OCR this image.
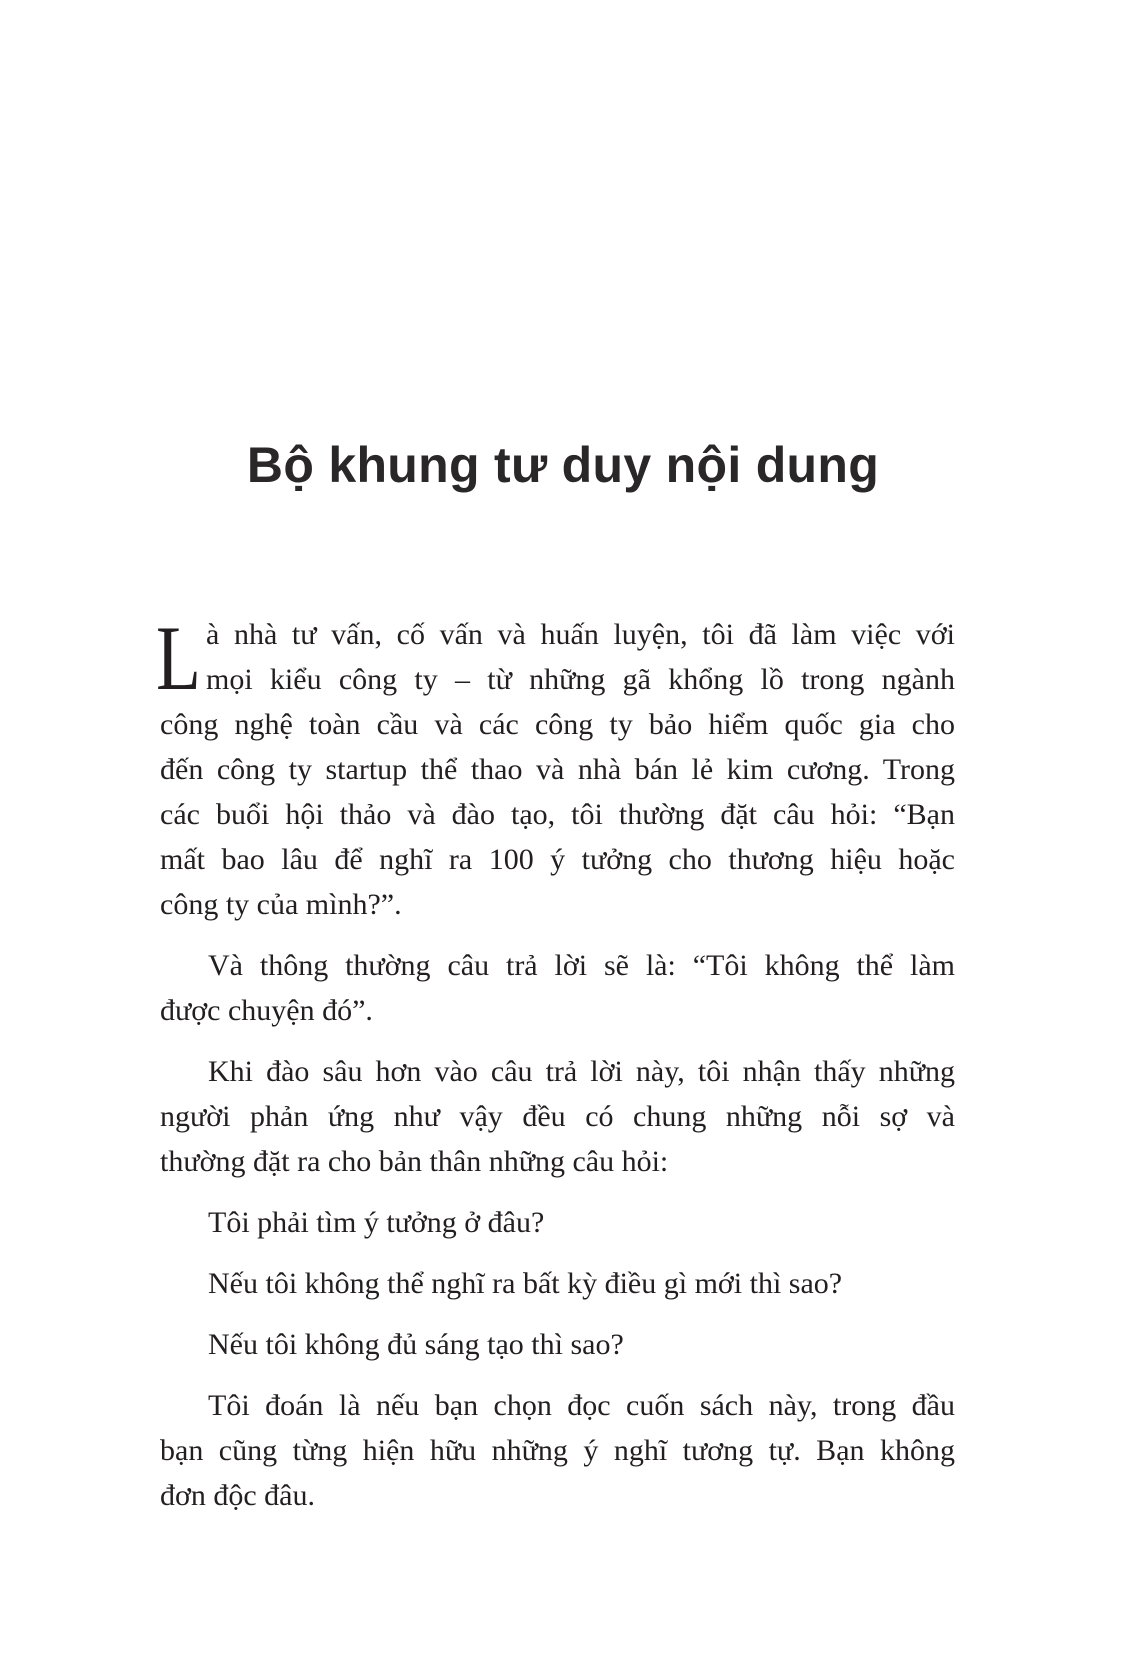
Bộ khung tư duy nội dung
L à nhà tư vấn, cố vấn và huấn luyện, tôi đã làm việc với
mọi kiểu công ty – từ những gã khổng lồ trong ngành
công nghệ toàn cầu và các công ty bảo hiểm quốc gia cho
đến công ty startup thể thao và nhà bán lẻ kim cương. Trong
các buổi hội thảo và đào tạo, tôi thường đặt câu hỏi: “Bạn
mất bao lâu để nghĩ ra 100 ý tưởng cho thương hiệu hoặc
công ty của mình?”.
Và thông thường câu trả lời sẽ là: “Tôi không thể làm
được chuyện đó”.
Khi đào sâu hơn vào câu trả lời này, tôi nhận thấy những
người phản ứng như vậy đều có chung những nỗi sợ và
thường đặt ra cho bản thân những câu hỏi:
Tôi phải tìm ý tưởng ở đâu?
Nếu tôi không thể nghĩ ra bất kỳ điều gì mới thì sao?
Nếu tôi không đủ sáng tạo thì sao?
Tôi đoán là nếu bạn chọn đọc cuốn sách này, trong đầu
bạn cũng từng hiện hữu những ý nghĩ tương tự. Bạn không
đơn độc đâu.
